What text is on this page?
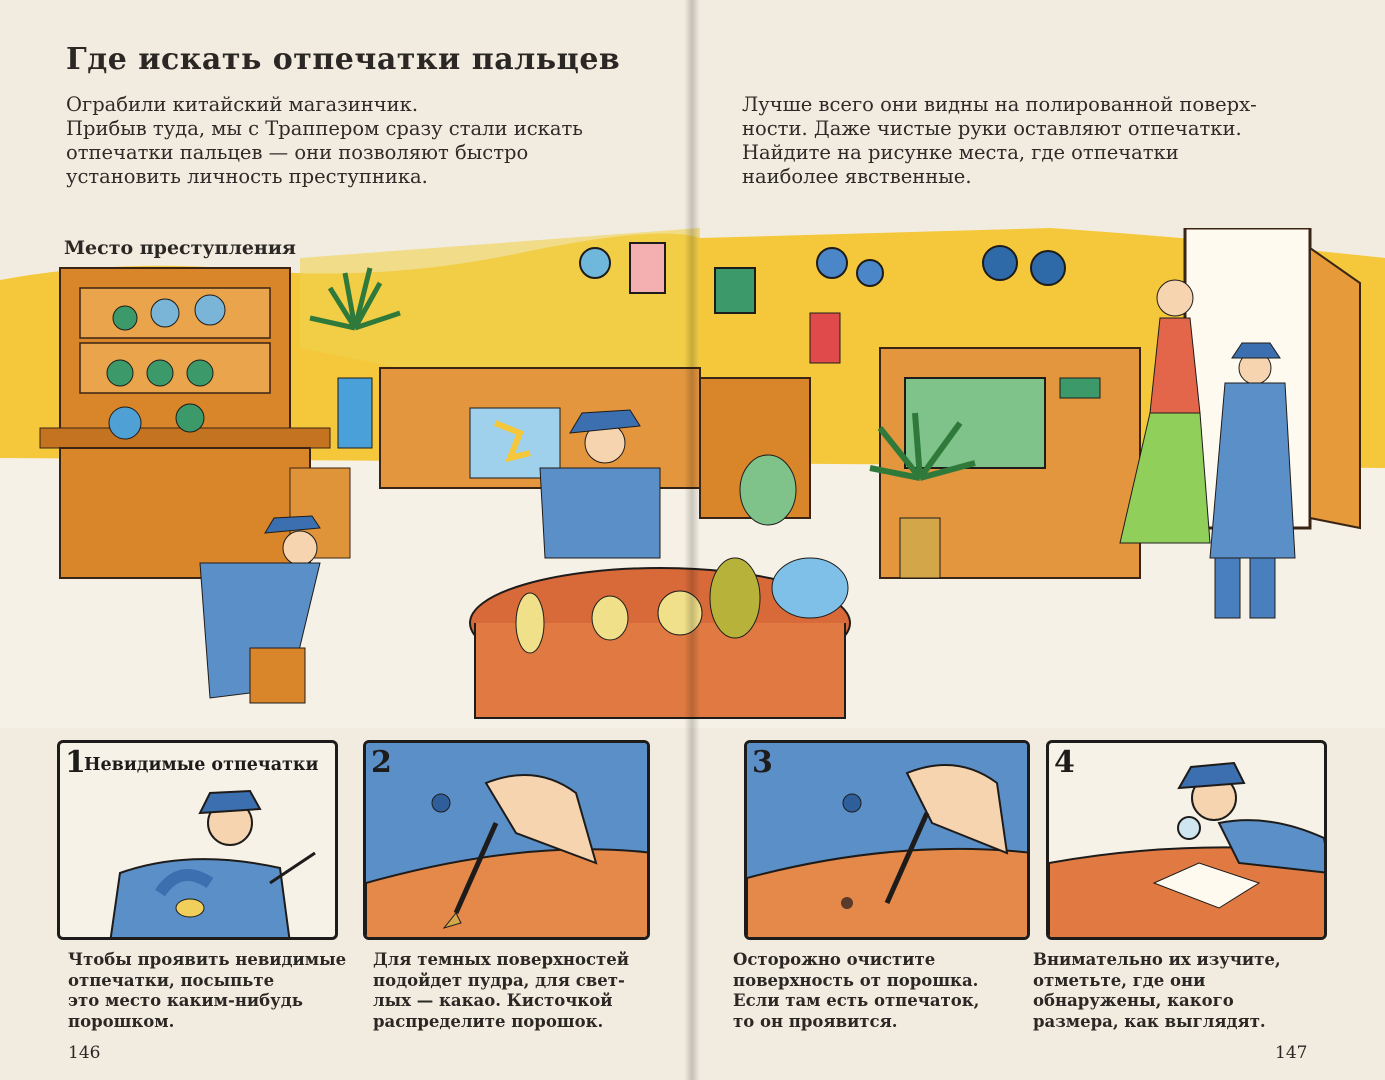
Где искать отпечатки пальцев

Ограбили китайский магазинчик.
Прибыв туда, мы с Траппером сразу стали искать
отпечатки пальцев — они позволяют быстро
установить личность преступника.

Лучше всего они видны на полированной поверх-
ности. Даже чистые руки оставляют отпечатки.
Найдите на рисунке места, где отпечатки
наиболее явственные.

Место преступления
1
Невидимые отпечатки 2	3	4

Чтобы проявить невидимые
отпечатки, посыпьте
это место каким-нибудь
порошком.

Для темных поверхностей
подойдет пудра, для свет-
лых — какао. Кисточкой
распределите порошок.

Осторожно очистите
поверхность от порошка.
Если там есть отпечаток,
то он проявится.

Внимательно их изучите,
отметьте, где они
обнаружены, какого
размера, как выглядят.

146	147
